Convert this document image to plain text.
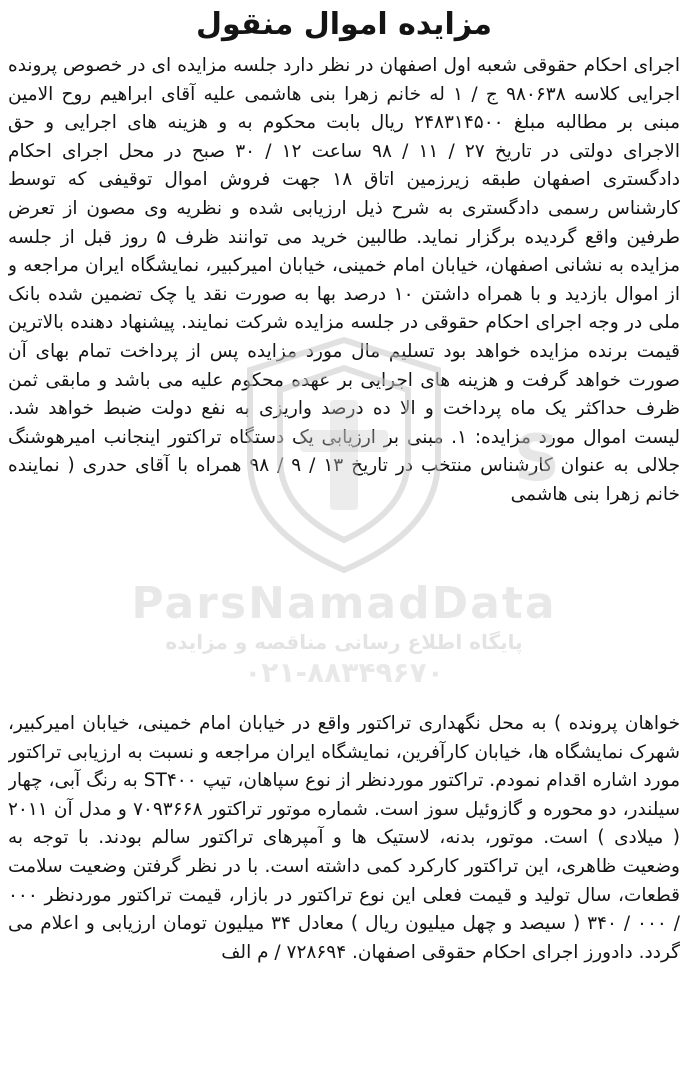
S
ParsNamadData
پایگاه اطلاع رسانی مناقصه و مزایده
۰۲۱-۸۸۳۴۹۶۷۰
مزایده اموال منقول

اجرای احکام حقوقی شعبه اول اصفهان در نظر دارد جلسه مزایده ای در خصوص پرونده اجرایی کلاسه ۹۸۰۶۳۸ ج / ۱ له خانم زهرا بنی هاشمی علیه آقای ابراهیم روح الامین مبنی بر مطالبه مبلغ ۲۴۸۳۱۴۵۰۰ ریال بابت محکوم به و هزینه های اجرایی و حق الاجرای دولتی در تاریخ ۲۷ / ۱۱ / ۹۸ ساعت ۱۲ / ۳۰ صبح در محل اجرای احکام دادگستری اصفهان طبقه زیرزمین اتاق ۱۸ جهت فروش اموال توقیفی که توسط کارشناس رسمی دادگستری به شرح ذیل ارزیابی شده و نظریه وی مصون از تعرض طرفین واقع گردیده برگزار نماید. طالبین خرید می توانند ظرف ۵ روز قبل از جلسه مزایده به نشانی اصفهان، خیابان امام خمینی، خیابان امیرکبیر، نمایشگاه ایران مراجعه و از اموال بازدید و با همراه داشتن ۱۰ درصد بها به صورت نقد یا چک تضمین شده بانک ملی در وجه اجرای احکام حقوقی در جلسه مزایده شرکت نمایند. پیشنهاد دهنده بالاترین قیمت برنده مزایده خواهد بود تسلیم مال مورد مزایده پس از پرداخت تمام بهای آن صورت خواهد گرفت و هزینه های اجرایی بر عهده محکوم علیه می باشد و مابقی ثمن ظرف حداکثر یک ماه پرداخت و الا ده درصد واریزی به نفع دولت ضبط خواهد شد. لیست اموال مورد مزایده: ۱. مبنی بر ارزیابی یک دستگاه تراکتور اینجانب امیرهوشنگ جلالی به عنوان کارشناس منتخب در تاریخ ۱۳ / ۹ / ۹۸ همراه با آقای حدری ( نماینده خانم زهرا بنی هاشمی

خواهان پرونده ) به محل نگهداری تراکتور واقع در خیابان امام خمینی، خیابان امیرکبیر، شهرک نمایشگاه ها، خیابان کارآفرین، نمایشگاه ایران مراجعه و نسبت به ارزیابی تراکتور مورد اشاره اقدام نمودم. تراکتور موردنظر از نوع سپاهان، تیپ ST۴۰۰ به رنگ آبی، چهار سیلندر، دو محوره و گازوئیل سوز است. شماره موتور تراکتور ۷۰۹۳۶۶۸ و مدل آن ۲۰۱۱ ( میلادی ) است. موتور، بدنه، لاستیک ها و آمپرهای تراکتور سالم بودند. با توجه به وضعیت ظاهری، این تراکتور کارکرد کمی داشته است. با در نظر گرفتن وضعیت سلامت قطعات، سال تولید و قیمت فعلی این نوع تراکتور در بازار، قیمت تراکتور موردنظر ۰۰۰ / ۰۰۰ / ۳۴۰ ( سیصد و چهل میلیون ریال ) معادل ۳۴ میلیون تومان ارزیابی و اعلام می گردد. دادورز اجرای احکام حقوقی اصفهان. ۷۲۸۶۹۴ / م الف
